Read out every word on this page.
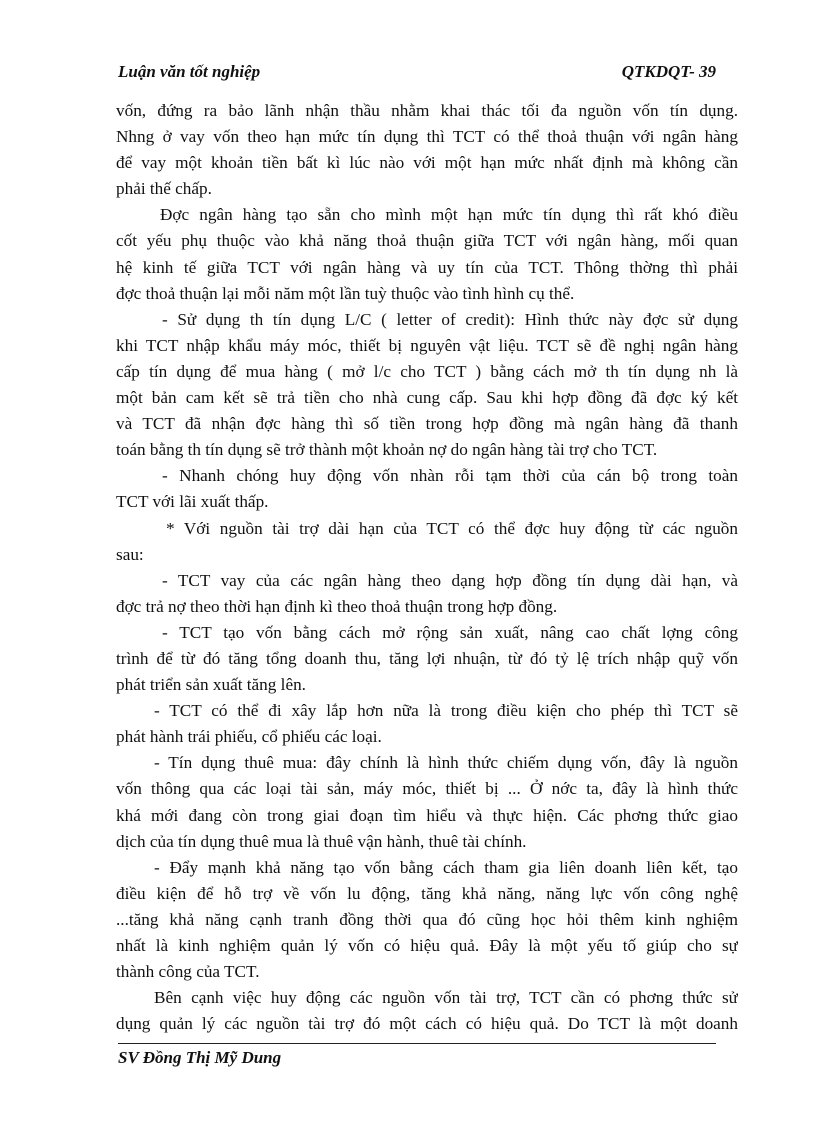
Luận văn tốt nghiệp	QTKDQT- 39
vốn, đứng ra bảo lãnh nhận thầu nhằm khai thác tối đa nguồn vốn tín dụng.
Nhng ở vay vốn theo hạn mức tín dụng thì TCT có thể thoả thuận với ngân hàng
để vay một khoản tiền bất kì lúc nào với một hạn mức nhất định mà không cần
phải thế chấp.
Đợc ngân hàng tạo sẵn cho mình một hạn mức tín dụng thì rất khó điều
cốt yếu phụ thuộc vào khả năng thoả thuận giữa TCT với ngân hàng, mối quan
hệ kinh tế giữa TCT với ngân hàng và uy tín của TCT. Thông thờng thì phải
đợc thoả thuận lại mỗi năm một lần tuỳ thuộc vào tình hình cụ thể.
- Sử dụng th tín dụng L/C ( letter of credit): Hình thức này đợc sử dụng
khi TCT nhập khẩu máy móc, thiết bị nguyên vật liệu. TCT sẽ đề nghị ngân hàng
cấp tín dụng để mua hàng ( mở l/c cho TCT ) bằng cách mở th tín dụng nh là
một bản cam kết sẽ trả tiền cho nhà cung cấp. Sau khi hợp đồng đã đợc ký kết
và TCT đã nhận đợc hàng thì số tiền trong hợp đồng mà ngân hàng đã thanh
toán bằng th tín dụng sẽ trở thành một khoản nợ do ngân hàng tài trợ cho TCT.
- Nhanh chóng huy động vốn nhàn rỗi tạm thời của cán bộ trong toàn
TCT với lãi xuất thấp.
* Với nguồn tài trợ dài hạn của TCT có thể đợc huy động từ các nguồn
sau:
- TCT vay của các ngân hàng theo dạng hợp đồng tín dụng dài hạn, và
đợc trả nợ theo thời hạn định kì theo thoả thuận trong hợp đồng.
- TCT tạo vốn bằng cách mở rộng sản xuất, nâng cao chất lợng công
trình để từ đó tăng tổng doanh thu, tăng lợi nhuận, từ đó tỷ lệ trích nhập quỹ vốn
phát triển sản xuất tăng lên.
- TCT có thể đi xây lắp hơn nữa là trong điều kiện cho phép thì TCT sẽ
phát hành trái phiếu, cổ phiếu các loại.
- Tín dụng thuê mua: đây chính là hình thức chiếm dụng vốn, đây là nguồn
vốn thông qua các loại tài sản, máy móc, thiết bị ... Ở nớc ta, đây là hình thức
khá mới đang còn trong giai đoạn tìm hiểu và thực hiện. Các phơng thức giao
dịch của tín dụng thuê mua là thuê vận hành, thuê tài chính.
- Đẩy mạnh khả năng tạo vốn bằng cách tham gia liên doanh liên kết, tạo
điều kiện để hỗ trợ về vốn lu động, tăng khả năng, năng lực vốn công nghệ
...tăng khả năng cạnh tranh đồng thời qua đó cũng học hỏi thêm kinh nghiệm
nhất là kinh nghiệm quản lý vốn có hiệu quả. Đây là một yếu tố giúp cho sự
thành công của TCT.
Bên cạnh việc huy động các nguồn vốn tài trợ, TCT cần có phơng thức sử
dụng quản lý các nguồn tài trợ đó một cách có hiệu quả. Do TCT là một doanh
SV Đồng Thị Mỹ Dung
